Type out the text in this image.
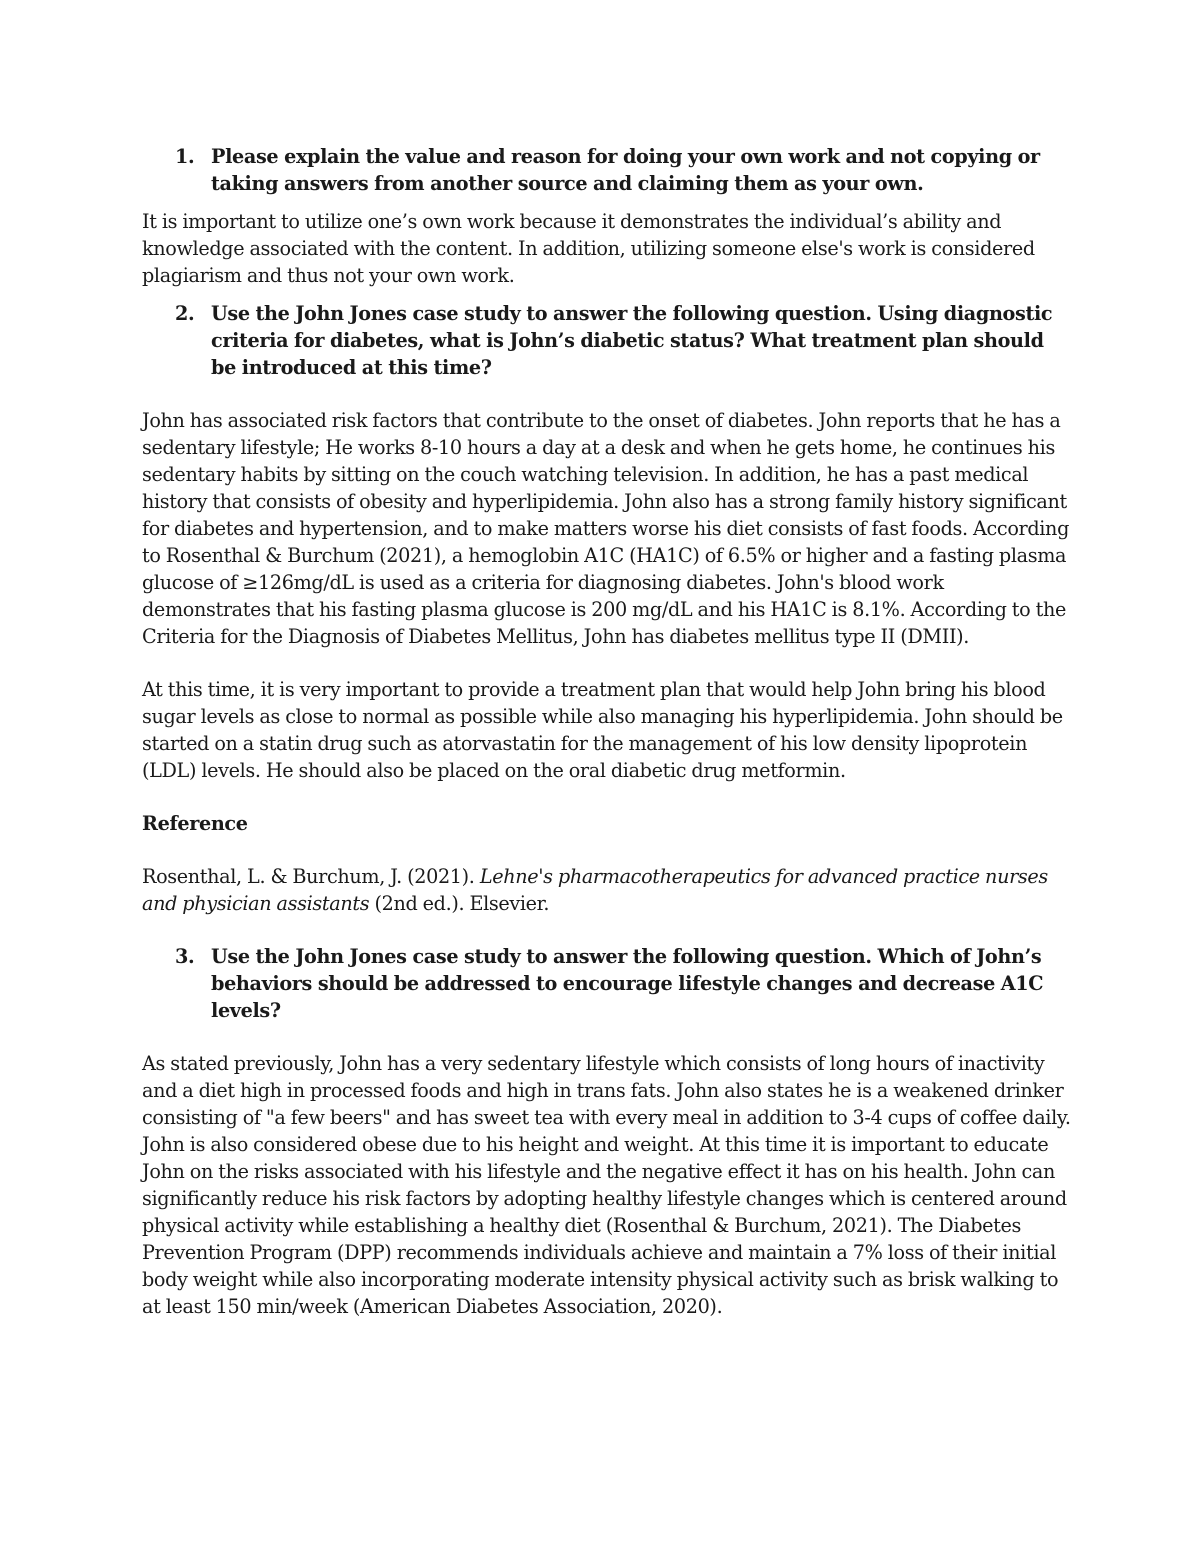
1. Please explain the value and reason for doing your own work and not copying or taking answers from another source and claiming them as your own.

It is important to utilize one’s own work because it demonstrates the individual’s ability and knowledge associated with the content. In addition, utilizing someone else's work is considered plagiarism and thus not your own work.

2. Use the John Jones case study to answer the following question. Using diagnostic criteria for diabetes, what is John’s diabetic status? What treatment plan should be introduced at this time?

John has associated risk factors that contribute to the onset of diabetes. John reports that he has a sedentary lifestyle; He works 8-10 hours a day at a desk and when he gets home, he continues his sedentary habits by sitting on the couch watching television. In addition, he has a past medical history that consists of obesity and hyperlipidemia. John also has a strong family history significant for diabetes and hypertension, and to make matters worse his diet consists of fast foods. According to Rosenthal & Burchum (2021), a hemoglobin A1C (HA1C) of 6.5% or higher and a fasting plasma glucose of ≥126mg/dL is used as a criteria for diagnosing diabetes. John's blood work demonstrates that his fasting plasma glucose is 200 mg/dL and his HA1C is 8.1%. According to the Criteria for the Diagnosis of Diabetes Mellitus, John has diabetes mellitus type II (DMII).

At this time, it is very important to provide a treatment plan that would help John bring his blood sugar levels as close to normal as possible while also managing his hyperlipidemia. John should be started on a statin drug such as atorvastatin for the management of his low density lipoprotein (LDL) levels. He should also be placed on the oral diabetic drug metformin.

Reference

Rosenthal, L. & Burchum, J. (2021). Lehne's pharmacotherapeutics for advanced practice nurses and physician assistants (2nd ed.). Elsevier.

3. Use the John Jones case study to answer the following question. Which of John’s behaviors should be addressed to encourage lifestyle changes and decrease A1C levels?

As stated previously, John has a very sedentary lifestyle which consists of long hours of inactivity and a diet high in processed foods and high in trans fats. John also states he is a weakened drinker consisting of "a few beers" and has sweet tea with every meal in addition to 3-4 cups of coffee daily. John is also considered obese due to his height and weight. At this time it is important to educate John on the risks associated with his lifestyle and the negative effect it has on his health. John can significantly reduce his risk factors by adopting healthy lifestyle changes which is centered around physical activity while establishing a healthy diet (Rosenthal & Burchum, 2021). The Diabetes Prevention Program (DPP) recommends individuals achieve and maintain a 7% loss of their initial body weight while also incorporating moderate intensity physical activity such as brisk walking to at least 150 min/week (American Diabetes Association, 2020).
